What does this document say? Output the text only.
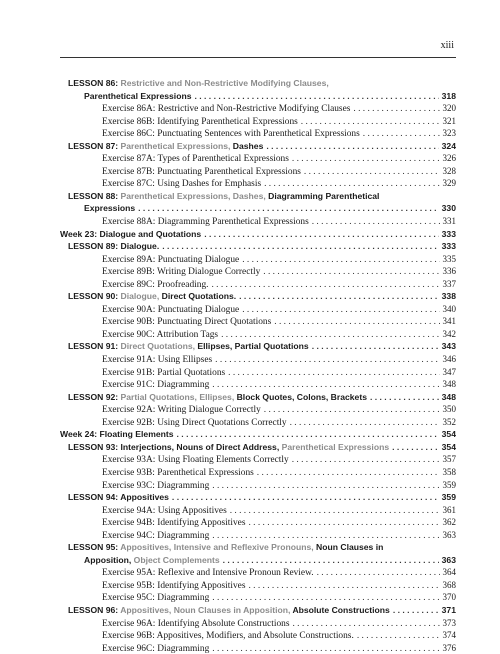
xiii
LESSON 86: Restrictive and Non-Restrictive Modifying Clauses,
Parenthetical Expressions . . .	318
Exercise 86A: Restrictive and Non-Restrictive Modifying Clauses . . .	320
Exercise 86B: Identifying Parenthetical Expressions . . .	321
Exercise 86C: Punctuating Sentences with Parenthetical Expressions . . .	323
LESSON 87: Parenthetical Expressions, Dashes . . .	324
Exercise 87A: Types of Parenthetical Expressions . . .	326
Exercise 87B: Punctuating Parenthetical Expressions . . .	328
Exercise 87C: Using Dashes for Emphasis . . .	329
LESSON 88: Parenthetical Expressions, Dashes, Diagramming Parenthetical
Expressions . . .	330
Exercise 88A: Diagramming Parenthetical Expressions . . .	331
Week 23: Dialogue and Quotations . . .	333
LESSON 89: Dialogue. . . .	333
Exercise 89A: Punctuating Dialogue . . .	335
Exercise 89B: Writing Dialogue Correctly . . .	336
Exercise 89C: Proofreading. . . .	337
LESSON 90: Dialogue, Direct Quotations. . . .	338
Exercise 90A: Punctuating Dialogue . . .	340
Exercise 90B: Punctuating Direct Quotations . . .	341
Exercise 90C: Attribution Tags . . .	342
LESSON 91: Direct Quotations, Ellipses, Partial Quotations . . .	343
Exercise 91A: Using Ellipses . . .	346
Exercise 91B: Partial Quotations . . .	347
Exercise 91C: Diagramming . . .	348
LESSON 92: Partial Quotations, Ellipses, Block Quotes, Colons, Brackets . . .	348
Exercise 92A: Writing Dialogue Correctly . . .	350
Exercise 92B: Using Direct Quotations Correctly . . .	352
Week 24: Floating Elements . . .	354
LESSON 93: Interjections, Nouns of Direct Address, Parenthetical Expressions . . .	354
Exercise 93A: Using Floating Elements Correctly . . .	357
Exercise 93B: Parenthetical Expressions . . .	358
Exercise 93C: Diagramming . . .	359
LESSON 94: Appositives . . .	359
Exercise 94A: Using Appositives . . .	361
Exercise 94B: Identifying Appositives . . .	362
Exercise 94C: Diagramming . . .	363
LESSON 95: Appositives, Intensive and Reflexive Pronouns, Noun Clauses in
Apposition, Object Complements . . .	363
Exercise 95A: Reflexive and Intensive Pronoun Review. . . .	364
Exercise 95B: Identifying Appositives . . .	368
Exercise 95C: Diagramming . . .	370
LESSON 96: Appositives, Noun Clauses in Apposition, Absolute Constructions . . .	371
Exercise 96A: Identifying Absolute Constructions . . .	373
Exercise 96B: Appositives, Modifiers, and Absolute Constructions. . . .	374
Exercise 96C: Diagramming . . .	376
